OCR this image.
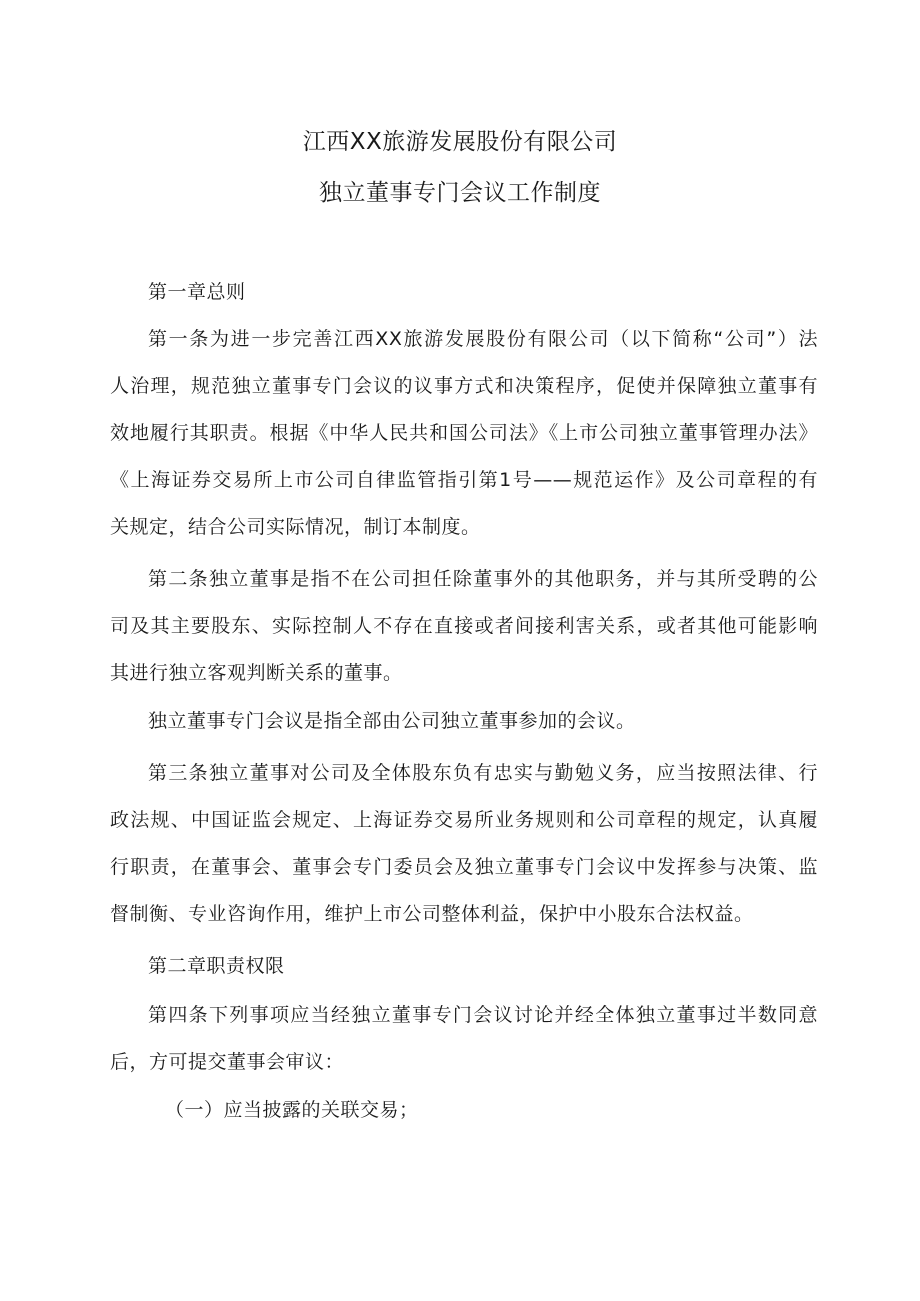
江西XX旅游发展股份有限公司
独立董事专门会议工作制度
第一章总则
第一条为进一步完善江西XX旅游发展股份有限公司（以下简称“公司”）法
人治理，规范独立董事专门会议的议事方式和决策程序，促使并保障独立董事有
效地履行其职责。根据《中华人民共和国公司法》《上市公司独立董事管理办法》
《上海证券交易所上市公司自律监管指引第1号——规范运作》及公司章程的有
关规定，结合公司实际情况，制订本制度。
第二条独立董事是指不在公司担任除董事外的其他职务，并与其所受聘的公
司及其主要股东、实际控制人不存在直接或者间接利害关系，或者其他可能影响
其进行独立客观判断关系的董事。
独立董事专门会议是指全部由公司独立董事参加的会议。
第三条独立董事对公司及全体股东负有忠实与勤勉义务，应当按照法律、行
政法规、中国证监会规定、上海证券交易所业务规则和公司章程的规定，认真履
行职责，在董事会、董事会专门委员会及独立董事专门会议中发挥参与决策、监
督制衡、专业咨询作用，维护上市公司整体利益，保护中小股东合法权益。
第二章职责权限
第四条下列事项应当经独立董事专门会议讨论并经全体独立董事过半数同意
后，方可提交董事会审议：
（一）应当披露的关联交易；
